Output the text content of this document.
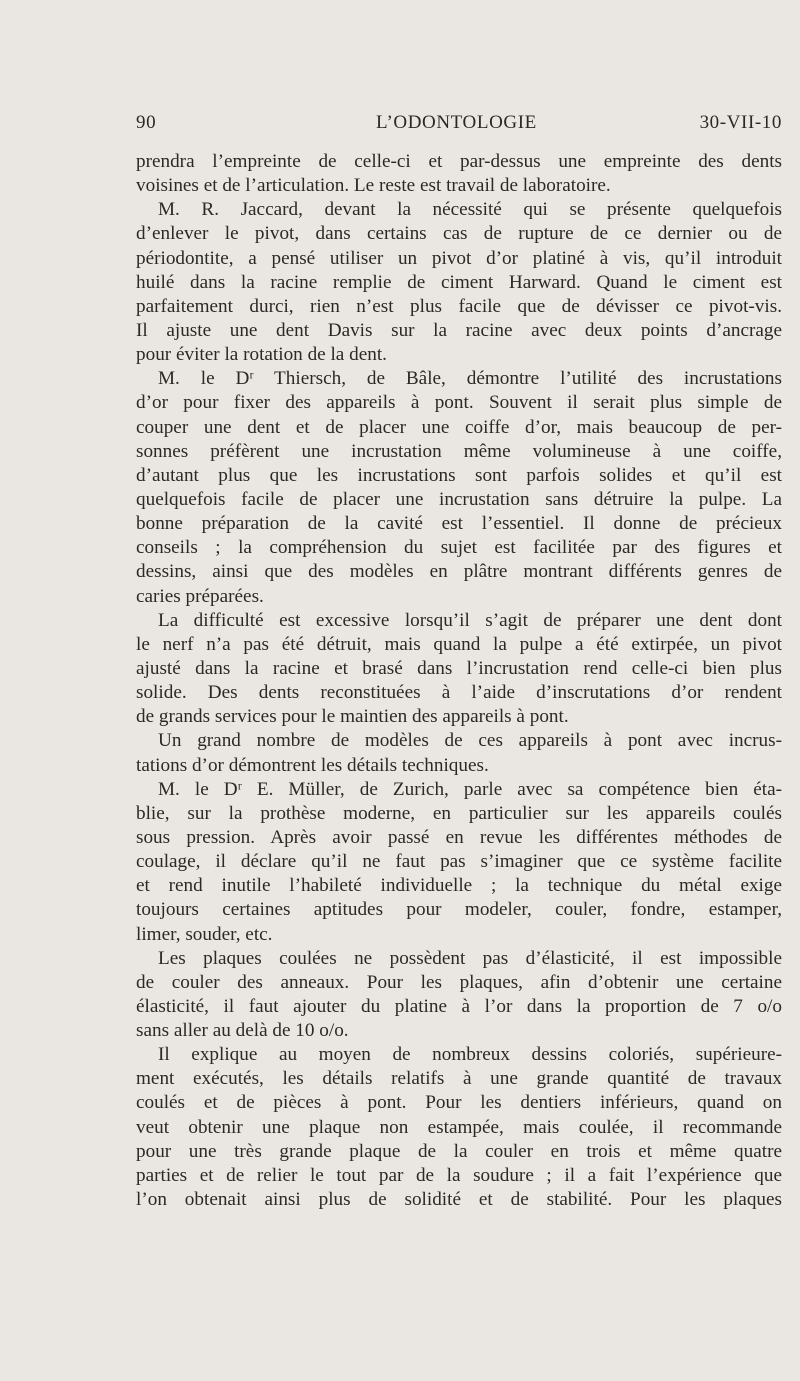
90	L’ODONTOLOGIE	30-VII-10
prendra l’empreinte de celle-ci et par-dessus une empreinte des dents
voisines et de l’articulation. Le reste est travail de laboratoire.
M. R. Jaccard, devant la nécessité qui se présente quelquefois
d’enlever le pivot, dans certains cas de rupture de ce dernier ou de
périodontite, a pensé utiliser un pivot d’or platiné à vis, qu’il introduit
huilé dans la racine remplie de ciment Harward. Quand le ciment est
parfaitement durci, rien n’est plus facile que de dévisser ce pivot-vis.
Il ajuste une dent Davis sur la racine avec deux points d’ancrage
pour éviter la rotation de la dent.
M. le Dʳ Thiersch, de Bâle, démontre l’utilité des incrustations
d’or pour fixer des appareils à pont. Souvent il serait plus simple de
couper une dent et de placer une coiffe d’or, mais beaucoup de per-
sonnes préfèrent une incrustation même volumineuse à une coiffe,
d’autant plus que les incrustations sont parfois solides et qu’il est
quelquefois facile de placer une incrustation sans détruire la pulpe. La
bonne préparation de la cavité est l’essentiel. Il donne de précieux
conseils ; la compréhension du sujet est facilitée par des figures et
dessins, ainsi que des modèles en plâtre montrant différents genres de
caries préparées.
La difficulté est excessive lorsqu’il s’agit de préparer une dent dont
le nerf n’a pas été détruit, mais quand la pulpe a été extirpée, un pivot
ajusté dans la racine et brasé dans l’incrustation rend celle-ci bien plus
solide. Des dents reconstituées à l’aide d’inscrutations d’or rendent
de grands services pour le maintien des appareils à pont.
Un grand nombre de modèles de ces appareils à pont avec incrus-
tations d’or démontrent les détails techniques.
M. le Dʳ E. Müller, de Zurich, parle avec sa compétence bien éta-
blie, sur la prothèse moderne, en particulier sur les appareils coulés
sous pression. Après avoir passé en revue les différentes méthodes de
coulage, il déclare qu’il ne faut pas s’imaginer que ce système facilite
et rend inutile l’habileté individuelle ; la technique du métal exige
toujours certaines aptitudes pour modeler, couler, fondre, estamper,
limer, souder, etc.
Les plaques coulées ne possèdent pas d’élasticité, il est impossible
de couler des anneaux. Pour les plaques, afin d’obtenir une certaine
élasticité, il faut ajouter du platine à l’or dans la proportion de 7 o/o
sans aller au delà de 10 o/o.
Il explique au moyen de nombreux dessins coloriés, supérieure-
ment exécutés, les détails relatifs à une grande quantité de travaux
coulés et de pièces à pont. Pour les dentiers inférieurs, quand on
veut obtenir une plaque non estampée, mais coulée, il recommande
pour une très grande plaque de la couler en trois et même quatre
parties et de relier le tout par de la soudure ; il a fait l’expérience que
l’on obtenait ainsi plus de solidité et de stabilité. Pour les plaques
